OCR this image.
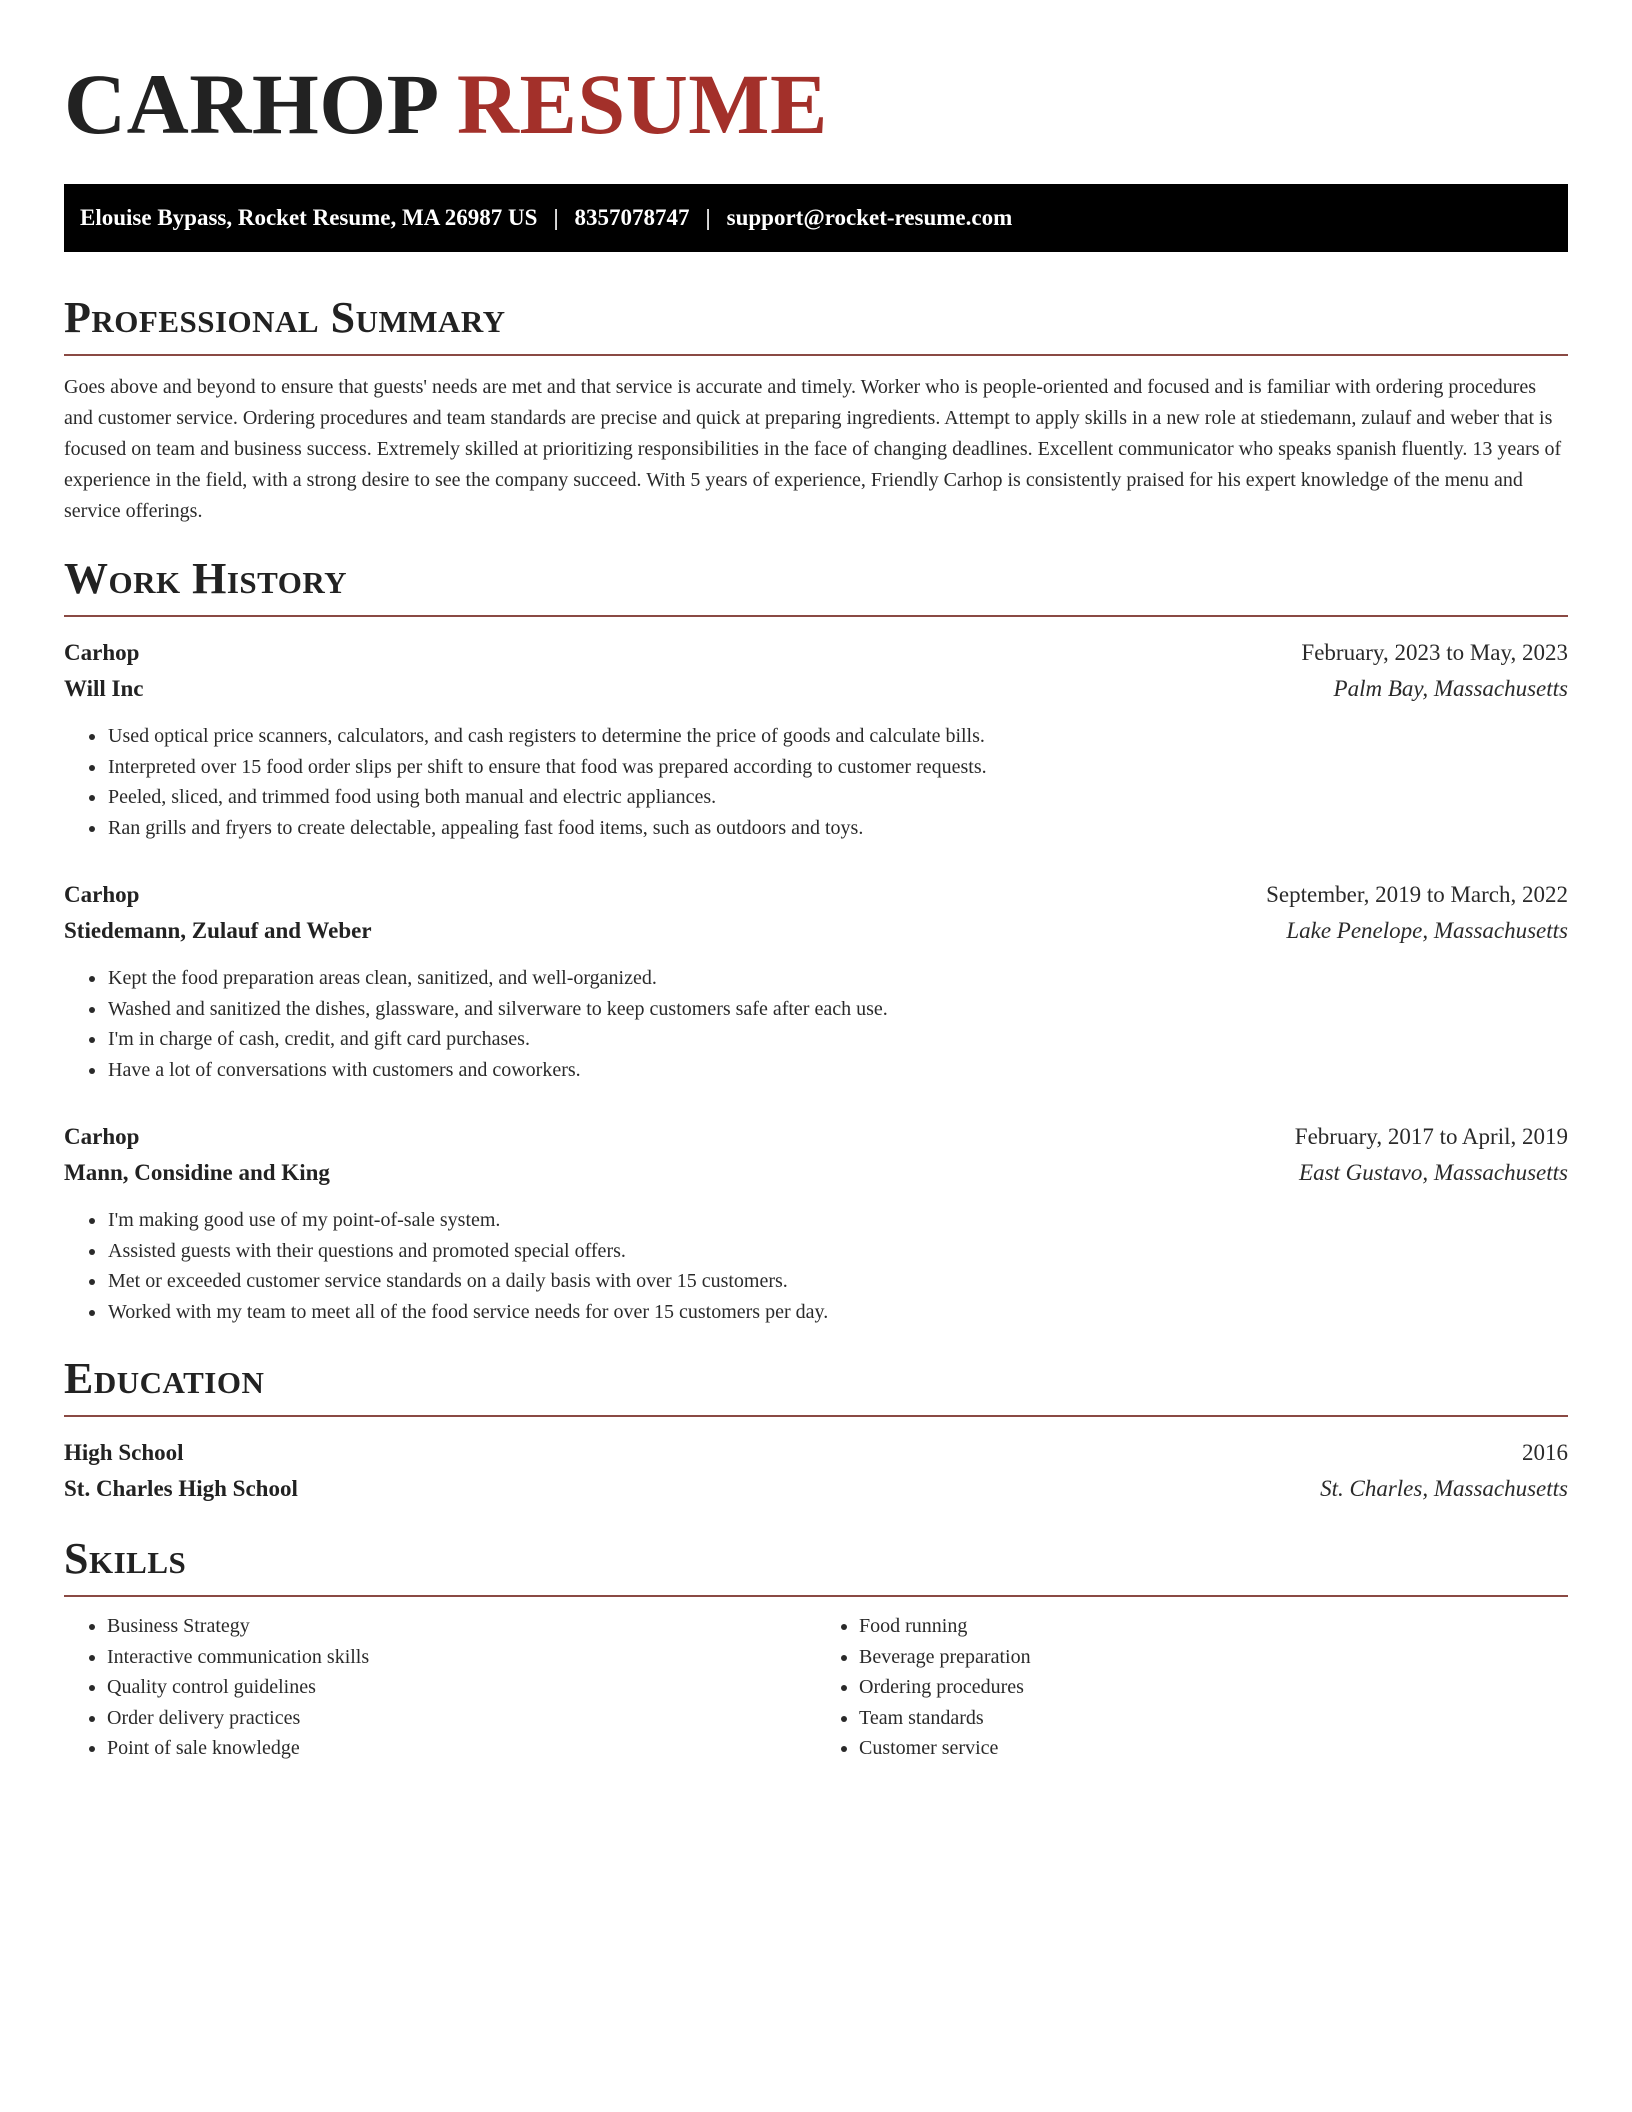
CARHOP RESUME
Elouise Bypass, Rocket Resume, MA 26987 US | 8357078747 | support@rocket-resume.com
Professional Summary

Goes above and beyond to ensure that guests' needs are met and that service is accurate and timely. Worker who is people-oriented and focused and is familiar with ordering procedures and customer service. Ordering procedures and team standards are precise and quick at preparing ingredients. Attempt to apply skills in a new role at stiedemann, zulauf and weber that is focused on team and business success. Extremely skilled at prioritizing responsibilities in the face of changing deadlines. Excellent communicator who speaks spanish fluently. 13 years of experience in the field, with a strong desire to see the company succeed. With 5 years of experience, Friendly Carhop is consistently praised for his expert knowledge of the menu and service offerings.

Work History
Carhop	February, 2023 to May, 2023
Will Inc	Palm Bay, Massachusetts
• Used optical price scanners, calculators, and cash registers to determine the price of goods and calculate bills.
• Interpreted over 15 food order slips per shift to ensure that food was prepared according to customer requests.
• Peeled, sliced, and trimmed food using both manual and electric appliances.
• Ran grills and fryers to create delectable, appealing fast food items, such as outdoors and toys.
Carhop	September, 2019 to March, 2022
Stiedemann, Zulauf and Weber	Lake Penelope, Massachusetts
• Kept the food preparation areas clean, sanitized, and well-organized.
• Washed and sanitized the dishes, glassware, and silverware to keep customers safe after each use.
• I'm in charge of cash, credit, and gift card purchases.
• Have a lot of conversations with customers and coworkers.
Carhop	February, 2017 to April, 2019
Mann, Considine and King	East Gustavo, Massachusetts
• I'm making good use of my point-of-sale system.
• Assisted guests with their questions and promoted special offers.
• Met or exceeded customer service standards on a daily basis with over 15 customers.
• Worked with my team to meet all of the food service needs for over 15 customers per day.
Education
High School	2016
St. Charles High School	St. Charles, Massachusetts
Skills
• Business Strategy
• Interactive communication skills
• Quality control guidelines
• Order delivery practices
• Point of sale knowledge
• Food running
• Beverage preparation
• Ordering procedures
• Team standards
• Customer service
